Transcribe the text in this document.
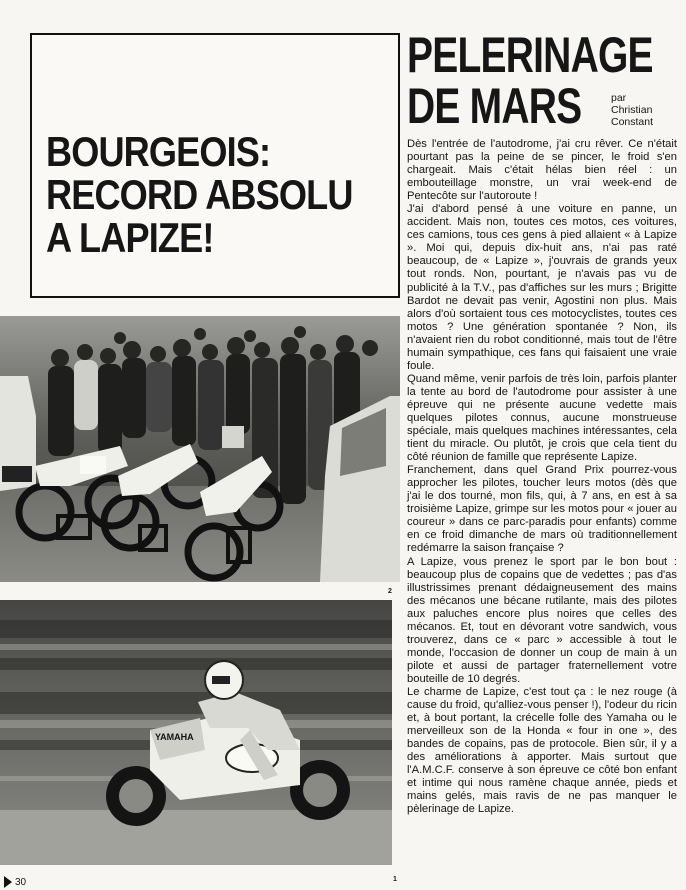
BOURGEOIS:
RECORD ABSOLU
A LAPIZE!
PELERINAGE
DE MARS	par
Christian
Constant

Dès l'entrée de l'autodrome, j'ai cru rêver. Ce n'était pourtant pas la peine de se pincer, le froid s'en chargeait. Mais c'était hélas bien réel : un embouteillage monstre, un vrai week-end de Pentecôte sur l'autoroute !

J'ai d'abord pensé à une voiture en panne, un accident. Mais non, toutes ces motos, ces voitures, ces camions, tous ces gens à pied allaient « à Lapize ». Moi qui, depuis dix-huit ans, n'ai pas raté beaucoup, de « Lapize », j'ouvrais de grands yeux tout ronds. Non, pourtant, je n'avais pas vu de publicité à la T.V., pas d'affiches sur les murs ; Brigitte Bardot ne devait pas venir, Agostini non plus. Mais alors d'où sortaient tous ces motocyclistes, toutes ces motos ? Une génération spontanée ? Non, ils n'avaient rien du robot conditionné, mais tout de l'être humain sympathique, ces fans qui faisaient une vraie foule.

Quand même, venir parfois de très loin, parfois planter la tente au bord de l'autodrome pour assister à une épreuve qui ne présente aucune vedette mais quelques pilotes connus, aucune monstrueuse spéciale, mais quelques machines intéressantes, cela tient du miracle. Ou plutôt, je crois que cela tient du côté réunion de famille que représente Lapize.

Franchement, dans quel Grand Prix pourrez-vous approcher les pilotes, toucher leurs motos (dès que j'ai le dos tourné, mon fils, qui, à 7 ans, en est à sa troisième Lapize, grimpe sur les motos pour « jouer au coureur » dans ce parc-paradis pour enfants) comme en ce froid dimanche de mars où traditionnellement redémarre la saison française ?

A Lapize, vous prenez le sport par le bon bout : beaucoup plus de copains que de vedettes ; pas d'as illustrissimes prenant dédaigneusement des mains des mécanos une bécane rutilante, mais des pilotes aux paluches encore plus noires que celles des mécanos. Et, tout en dévorant votre sandwich, vous trouverez, dans ce « parc » accessible à tout le monde, l'occasion de donner un coup de main à un pilote et aussi de partager fraternellement votre bouteille de 10 degrés.

Le charme de Lapize, c'est tout ça : le nez rouge (à cause du froid, qu'alliez-vous penser !), l'odeur du ricin et, à bout portant, la crécelle folle des Yamaha ou le merveilleux son de la Honda « four in one », des bandes de copains, pas de protocole. Bien sûr, il y a des améliorations à apporter. Mais surtout que l'A.M.C.F. conserve à son épreuve ce côté bon enfant et intime qui nous ramène chaque année, pieds et mains gelés, mais ravis de ne pas manquer le pèlerinage de Lapize.

YAMAHA
2
1
30
